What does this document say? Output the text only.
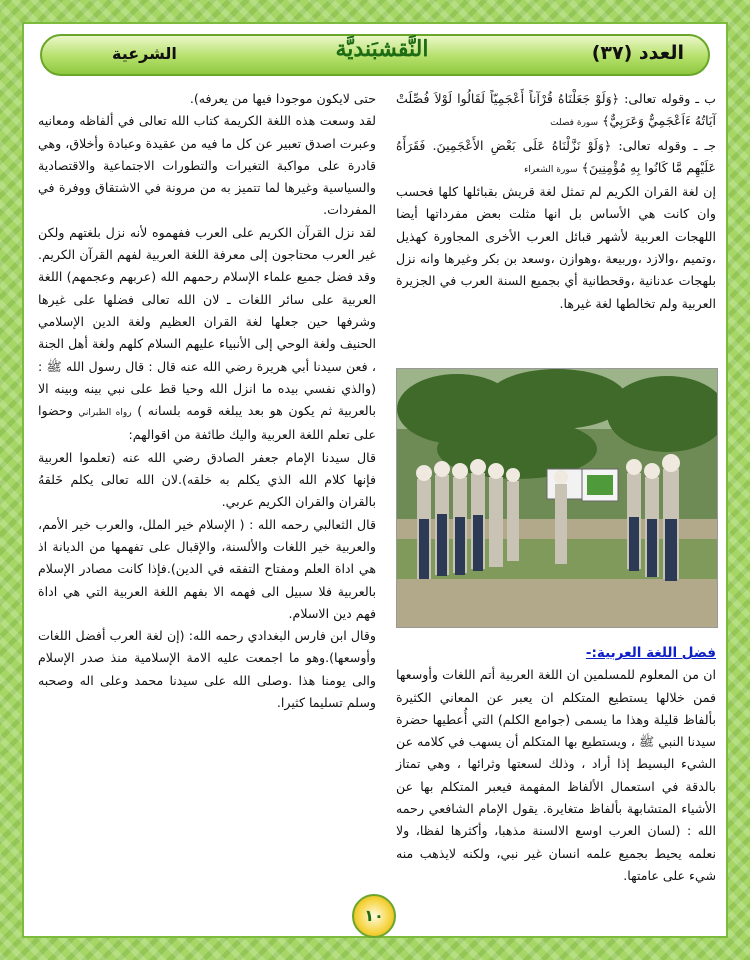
العدد (٣٧)
النَّقشبَنديَّة
الشرعية

ب ـ وقوله تعالى: ﴿وَلَوْ جَعَلْنَاهُ قُرْآناً أَعْجَمِيّاً لَقَالُوا لَوْلاَ فُصِّلَتْ آيَاتُهُ ءَاَعْجَمِيٌّ وَعَرَبِيٌّ﴾ سورة فصلت

جـ ـ وقوله تعالى: ﴿وَلَوْ نَزَّلْنَاهُ عَلَى بَعْضِ الأَعْجَمِينَ. فَقَرَأَهُ عَلَيْهِم مَّا كَانُوا بِهِ مُؤْمِنِينَ﴾ سورة الشعراء

إن لغة القران الكريم لم تمثل لغة قريش بقبائلها كلها فحسب وان كانت هي الأساس بل انها مثلت بعض مفرداتها أيضا اللهجات العربية لأشهر قبائل العرب الأخرى المجاورة كهذيل ،وتميم ،والازد ،وربيعة ،وهوازن ،وسعد بن بكر وغيرها وانه نزل بلهجات عدنانية ،وقحطانية أي بجميع السنة العرب في الجزيرة العربية ولم تخالطها لغة غيرها.

فضل اللغة العربية:-

ان من المعلوم للمسلمين ان اللغة العربية أتم اللغات وأوسعها فمن خلالها يستطيع المتكلم ان يعبر عن المعاني الكثيرة بألفاظ قليلة وهذا ما يسمى (جوامع الكلم) التي أُعطيها حضرة سيدنا النبي ﷺ ، ويستطيع بها المتكلم أن يسهب في كلامه عن الشيء البسيط إذا أراد ، وذلك لسعتها وثرائها ، وهي تمتاز بالدقة في استعمال الألفاظ المفهمة فيعبر المتكلم بها عن الأشياء المتشابهة بألفاظ متغايرة. يقول الإمام الشافعي رحمه الله : (لسان العرب اوسع الالسنة مذهبا، وأكثرها لفظا، ولا نعلمه يحيط بجميع علمه انسان غير نبي، ولكنه لايذهب منه شيء على عامتها.

حتى لايكون موجودا فيها من يعرفه).

لقد وسعت هذه اللغة الكريمة كتاب الله تعالى في ألفاظه ومعانيه وعبرت اصدق تعبير عن كل ما فيه من عقيدة وعبادة وأخلاق، وهي قادرة على مواكبة التغيرات والتطورات الاجتماعية والاقتصادية والسياسية وغيرها لما تتميز به من مرونة في الاشتقاق ووفرة في المفردات.

لقد نزل القرآن الكريم على العرب ففهموه لأنه نزل بلغتهم ولكن غير العرب محتاجون إلى معرفة اللغة العربية لفهم القرآن الكريم. وقد فضل جميع علماء الإسلام رحمهم الله (عربهم وعجمهم) اللغة العربية على سائر اللغات ـ لان الله تعالى فضلها على غيرها وشرفها حين جعلها لغة القران العظيم ولغة الدين الإسلامي الحنيف ولغة الوحي إلى الأنبياء عليهم السلام كلهم ولغة أهل الجنة ، فعن سيدنا أبي هريرة رضي الله عنه قال : قال رسول الله ﷺ : (والذي نفسي بيده ما انزل الله وحيا قط على نبي بينه وبينه الا بالعربية ثم يكون هو بعد يبلغه قومه بلسانه ) رواه الطبراني وحضوا على تعلم اللغة العربية واليك طائفة من اقوالهم:

قال سيدنا الإمام جعفر الصادق رضي الله عنه (تعلموا العربية فإنها كلام الله الذي يكلم به خلقه).لان الله تعالى يكلم خَلقهُ بالقران والقران الكريم عربي.

قال الثعالبي رحمه الله : ( الإسلام خير الملل، والعرب خير الأمم، والعربية خير اللغات والألسنة، والإقبال على تفهمها من الديانة اذ هي اداة العلم ومفتاح التفقه في الدين).فإذا كانت مصادر الإسلام بالعربية فلا سبيل الى فهمه الا بفهم اللغة العربية التي هي اداة فهم دين الاسلام.

وقال ابن فارس البغدادي رحمه الله: (إن لغة العرب أفضل اللغات وأوسعها).وهو ما اجمعت عليه الامة الإسلامية منذ صدر الإسلام والى يومنا هذا .وصلى الله على سيدنا محمد وعلى اله وصحبه وسلم تسليما كثيرا.

١٠
